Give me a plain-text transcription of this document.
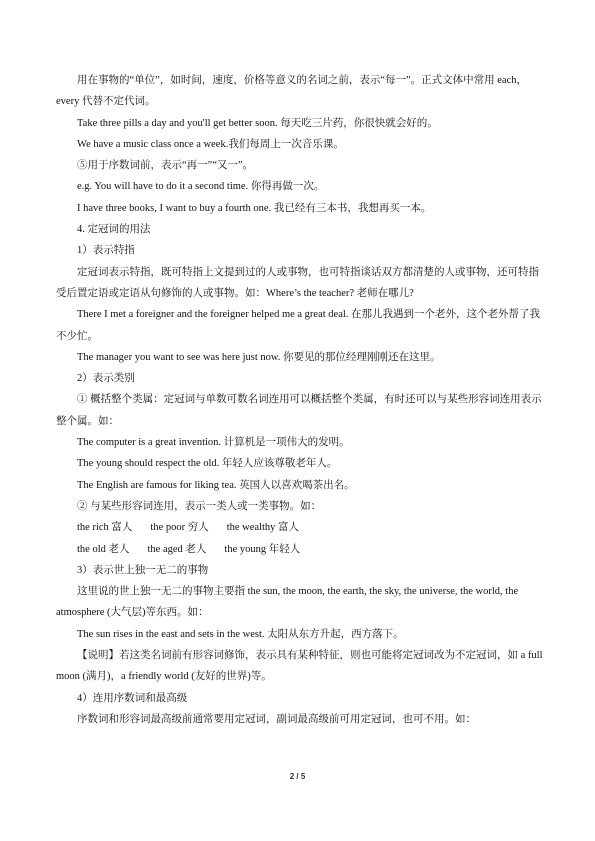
用在事物的“单位”，如时间，速度，价格等意义的名词之前，表示“每一”。正式文体中常用 each，every 代替不定代词。

Take three pills a day and you'll get better soon. 每天吃三片药，你很快就会好的。

We have a music class once a week.我们每周上一次音乐课。

⑤用于序数词前，表示“再一”“又一”。

e.g. You will have to do it a second time. 你得再做一次。

I have three books, I want to buy a fourth one. 我已经有三本书，我想再买一本。

4. 定冠词的用法

1）表示特指

定冠词表示特指，既可特指上文提到过的人或事物，也可特指谈话双方都清楚的人或事物，还可特指受后置定语或定语从句修饰的人或事物。如：Where’s the teacher? 老师在哪儿?

There I met a foreigner and the foreigner helped me a great deal. 在那儿我遇到一个老外，这个老外帮了我不少忙。

The manager you want to see was here just now. 你要见的那位经理刚刚还在这里。

2）表示类别

① 概括整个类属：定冠词与单数可数名词连用可以概括整个类属，有时还可以与某些形容词连用表示整个属。如：

The computer is a great invention. 计算机是一项伟大的发明。

The young should respect the old. 年轻人应该尊敬老年人。

The English are famous for liking tea. 英国人以喜欢喝茶出名。

② 与某些形容词连用，表示一类人或一类事物。如：

the rich 富人 the poor 穷人 the wealthy 富人

the old 老人 the aged 老人 the young 年轻人

3）表示世上独一无二的事物

这里说的世上独一无二的事物主要指 the sun, the moon, the earth, the sky, the universe, the world, the atmosphere (大气层)等东西。如：

The sun rises in the east and sets in the west. 太阳从东方升起，西方落下。

【说明】若这类名词前有形容词修饰，表示具有某种特征，则也可能将定冠词改为不定冠词，如 a full moon (满月)，a friendly world (友好的世界)等。

4）连用序数词和最高级

序数词和形容词最高级前通常要用定冠词，副词最高级前可用定冠词，也可不用。如：

2 / 5
